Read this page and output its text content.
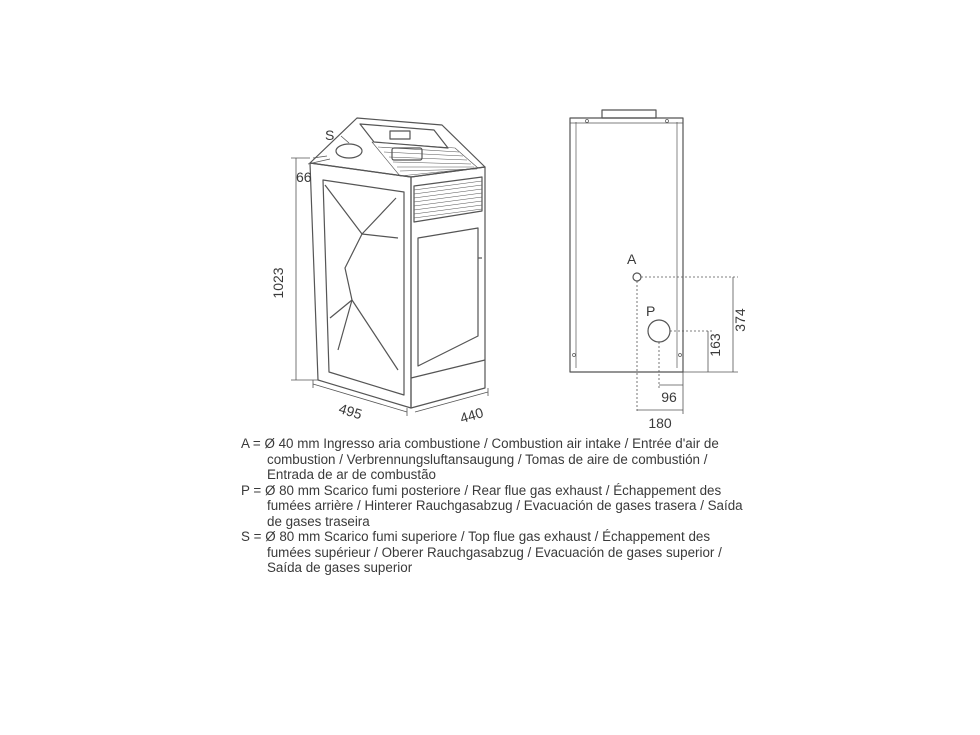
S
66
1023
495	440
A
P	374
163
96
180
A = Ø 40 mm Ingresso aria combustione / Combustion air intake / Entrée d'air de
combustion / Verbrennungsluftansaugung / Tomas de aire de combustión /
Entrada de ar de combustão
P = Ø 80 mm Scarico fumi posteriore / Rear flue gas exhaust / Échappement des
fumées arrière / Hinterer Rauchgasabzug / Evacuación de gases trasera / Saída
de gases traseira
S = Ø 80 mm Scarico fumi superiore / Top flue gas exhaust / Échappement des
fumées supérieur / Oberer Rauchgasabzug / Evacuación de gases superior /
Saída de gases superior
